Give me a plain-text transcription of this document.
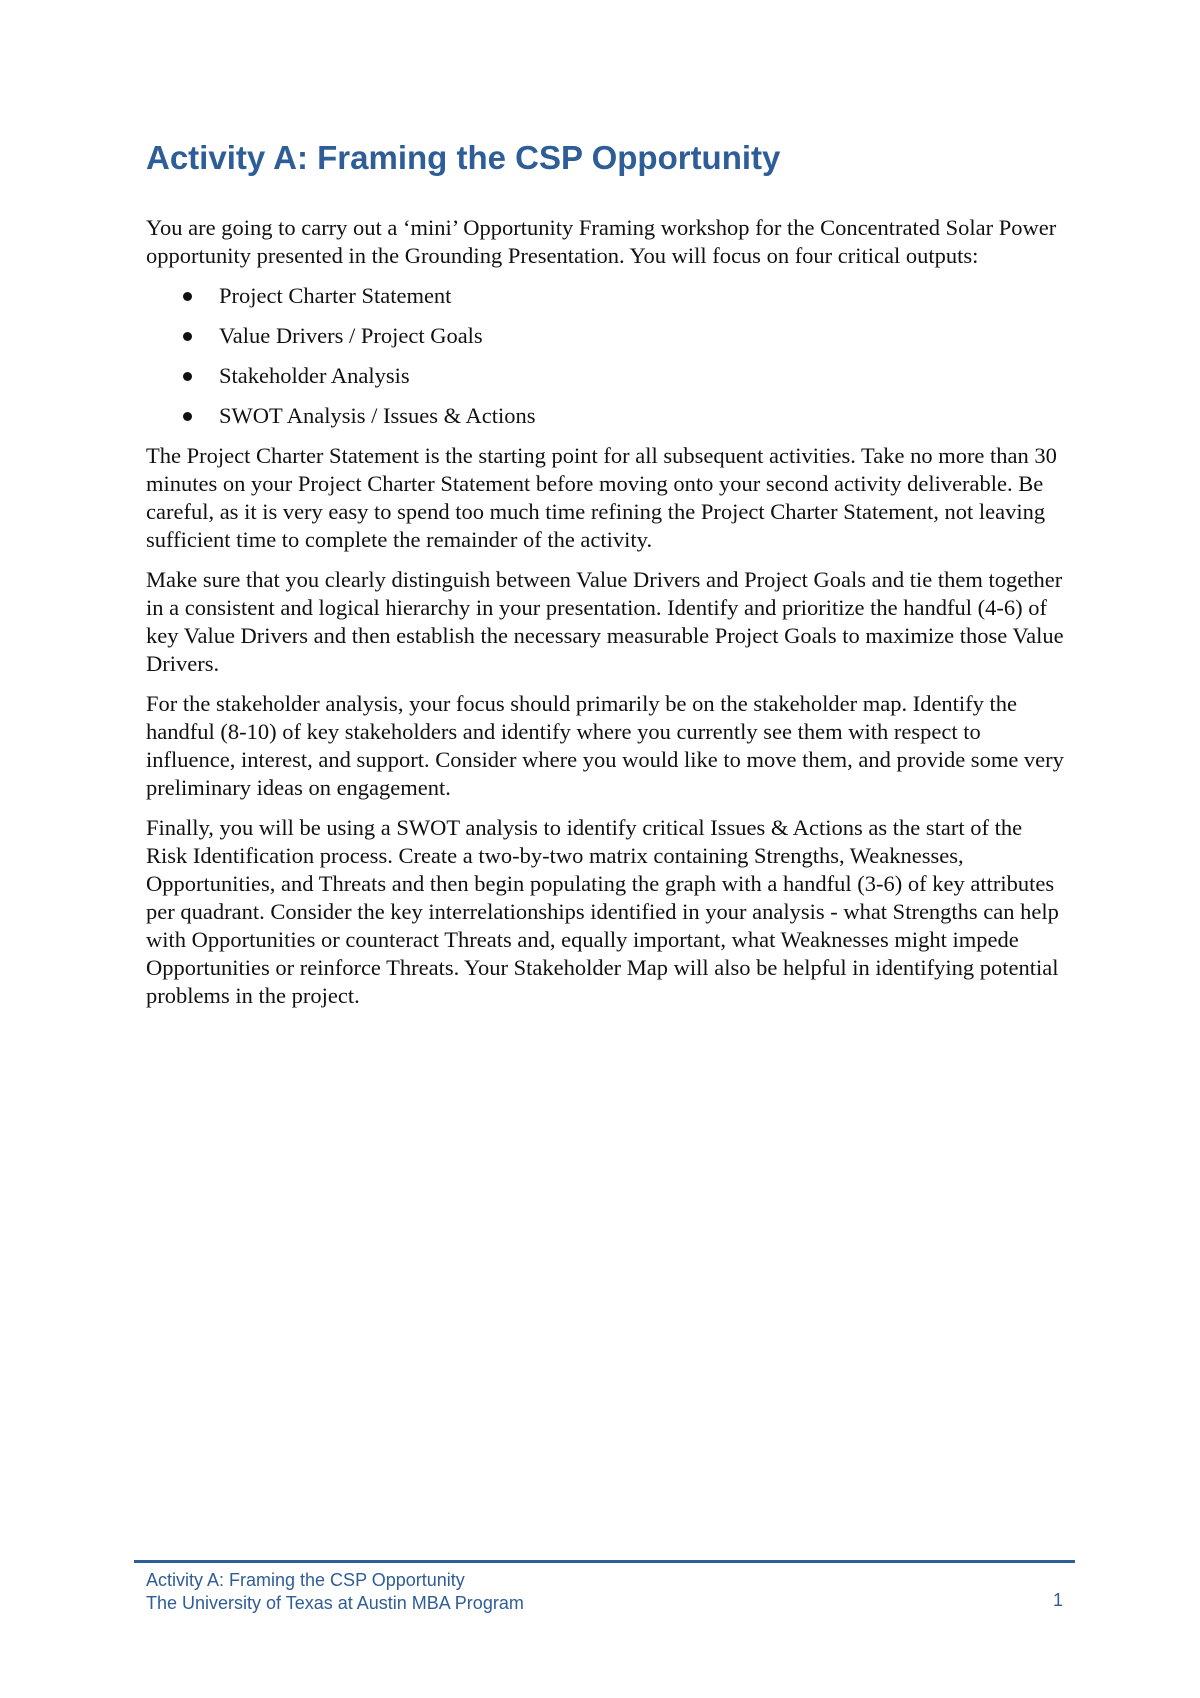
Activity A: Framing the CSP Opportunity

You are going to carry out a ‘mini’ Opportunity Framing workshop for the Concentrated Solar Power opportunity presented in the Grounding Presentation. You will focus on four critical outputs:

Project Charter Statement
Value Drivers / Project Goals
Stakeholder Analysis
SWOT Analysis / Issues & Actions

The Project Charter Statement is the starting point for all subsequent activities. Take no more than 30 minutes on your Project Charter Statement before moving onto your second activity deliverable. Be careful, as it is very easy to spend too much time refining the Project Charter Statement, not leaving sufficient time to complete the remainder of the activity.

Make sure that you clearly distinguish between Value Drivers and Project Goals and tie them together in a consistent and logical hierarchy in your presentation. Identify and prioritize the handful (4-6) of key Value Drivers and then establish the necessary measurable Project Goals to maximize those Value Drivers.

For the stakeholder analysis, your focus should primarily be on the stakeholder map. Identify the handful (8-10) of key stakeholders and identify where you currently see them with respect to influence, interest, and support. Consider where you would like to move them, and provide some very preliminary ideas on engagement.

Finally, you will be using a SWOT analysis to identify critical Issues & Actions as the start of the Risk Identification process. Create a two-by-two matrix containing Strengths, Weaknesses, Opportunities, and Threats and then begin populating the graph with a handful (3-6) of key attributes per quadrant. Consider the key interrelationships identified in your analysis - what Strengths can help with Opportunities or counteract Threats and, equally important, what Weaknesses might impede Opportunities or reinforce Threats. Your Stakeholder Map will also be helpful in identifying potential problems in the project.

Activity A: Framing the CSP Opportunity
The University of Texas at Austin MBA Program	1
